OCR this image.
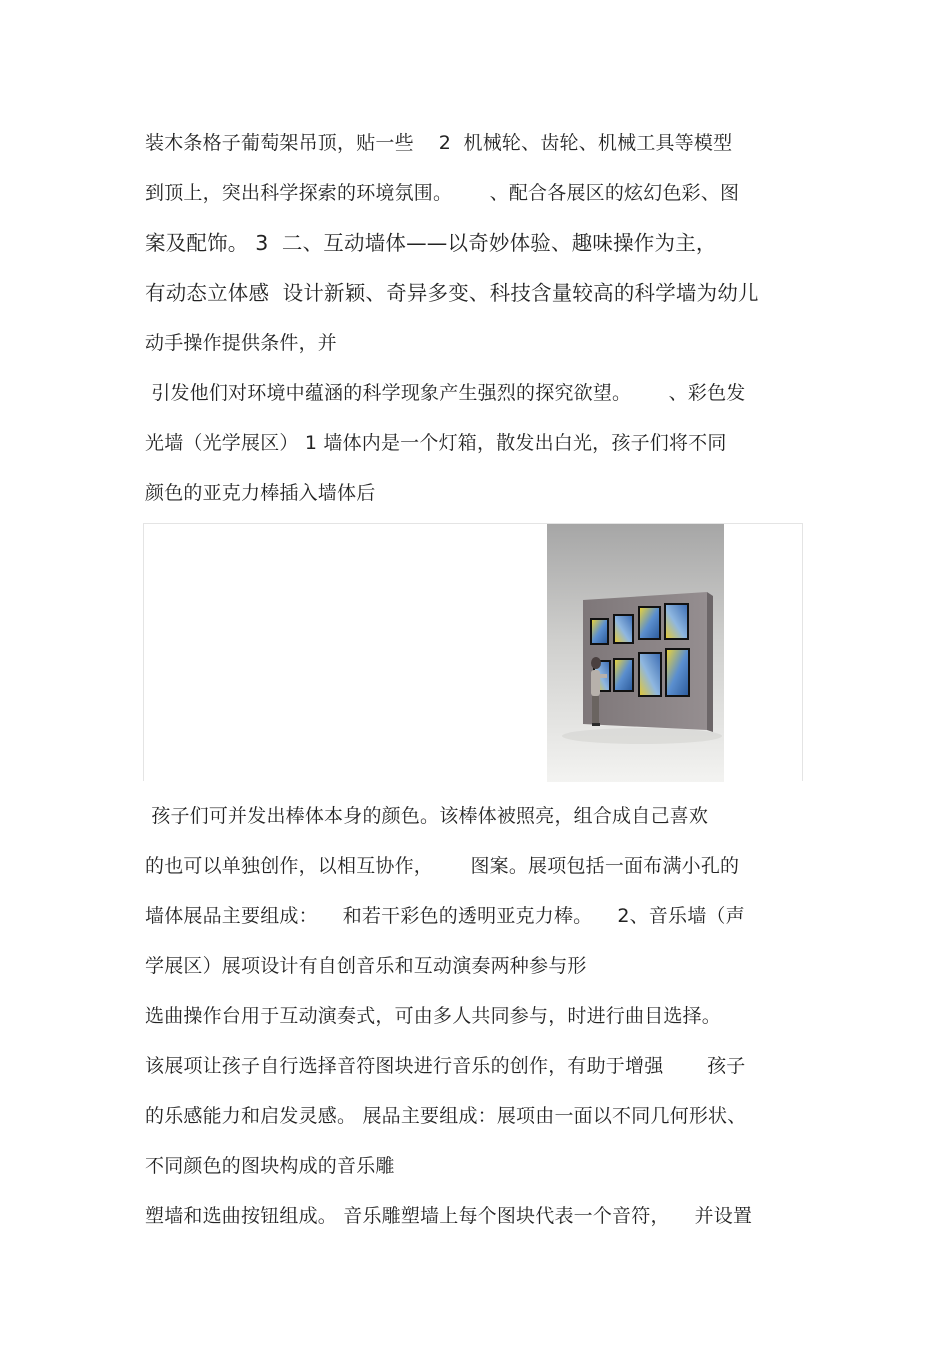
装木条格子葡萄架吊顶，贴一些    2  机械轮、齿轮、机械工具等模型
到顶上，突出科学探索的环境氛围。      、配合各展区的炫幻色彩、图
案及配饰。 3  二、互动墙体——以奇妙体验、趣味操作为主，
有动态立体感  设计新颖、奇异多变、科技含量较高的科学墙为幼儿
动手操作提供条件，并
引发他们对环境中蕴涵的科学现象产生强烈的探究欲望。      、彩色发
光墙（光学展区） 1 墙体内是一个灯箱，散发出白光，孩子们将不同
颜色的亚克力棒插入墙体后
孩子们可并发出棒体本身的颜色。该棒体被照亮，组合成自己喜欢
的也可以单独创作，以相互协作，      图案。展项包括一面布满小孔的
墙体展品主要组成：    和若干彩色的透明亚克力棒。    2、音乐墙（声
学展区）展项设计有自创音乐和互动演奏两种参与形
选曲操作台用于互动演奏式，可由多人共同参与，时进行曲目选择。
该展项让孩子自行选择音符图块进行音乐的创作，有助于增强       孩子
的乐感能力和启发灵感。 展品主要组成：展项由一面以不同几何形状、
不同颜色的图块构成的音乐雕
塑墙和选曲按钮组成。 音乐雕塑墙上每个图块代表一个音符，    并设置
